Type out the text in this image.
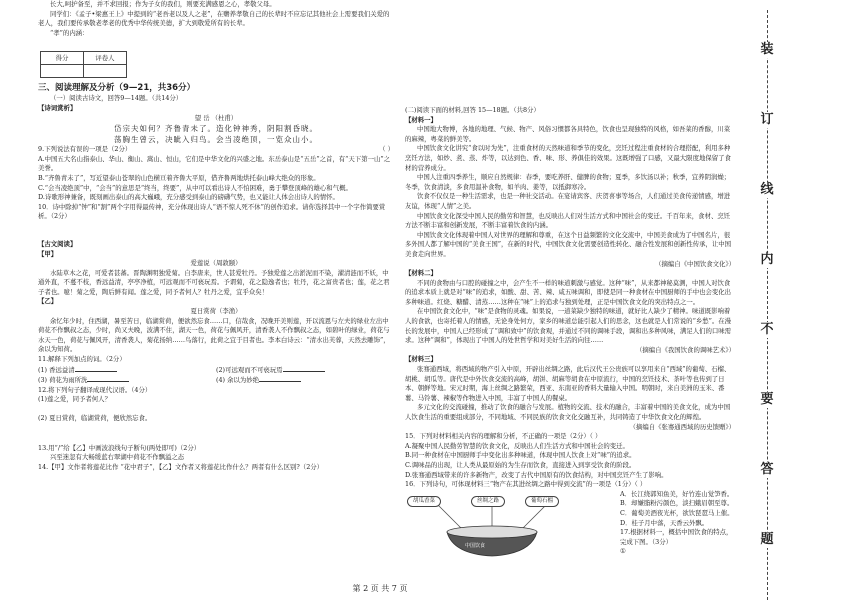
长大,呵护备至，并不求回报；作为子女的我们，则要充满感恩之心，孝敬父母。

同学们：《孟子•梁惠王上》中提到的“老吾老以及人之老”，在赡养孝敬自己的长辈时不应忘记其他社会上需要我们关爱的老人，我们要传承敬老孝老的优秀中华传统美德，扩大到敬爱所有的长辈。

“孝”的内涵：

得分	评卷人

三、阅读理解及分析（9—21，共36分）

（一）阅读古诗文，回答9—14题。（共14分）

【诗词赏析】

望 岳 （杜甫）

岱宗夫如何？齐鲁青未了。造化钟神秀，阴阳割昏晓。

荡胸生曾云，决眦入归鸟。会当凌绝顶，一览众山小。

9.下列说法有误的一项是（2分）	（ ）

A.中国五大名山指泰山、华山、衡山、嵩山、恒山，它们是中华文化的兴盛之地。东岳泰山是“五岳”之首，有“天下第一山”之美誉。

B.“齐鲁青未了”，写近望泰山苍翠的山色横亘着齐鲁大平原，借齐鲁两地烘托泰山峰大绝众的形象。

C.“会当凌绝顶”中，“会当”的意思是“终当，终要”，从中可以看出诗人不怕困难，勇于攀登顶峰的雄心和气概。

D.诗歌形神兼备，既刻画出泰山的高大巍峨，充分感受到泰山的磅礴气势，也又能让人体会出诗人的情怀。

10．诗中除掉“钟”和“割”两个字用得最传神，充分体现出诗人“语不惊人死不休”的创作追求。请你选择其中一个字作简要赏析。（2分）

【古文阅读】

【甲】

爱莲说（周敦颐）

水陆草木之花，可爱者甚蕃。晋陶渊明独爱菊。自李唐来，世人甚爱牡丹。予独爱莲之出淤泥而不染，濯清涟而不妖，中通外直，不蔓不枝，香远益清，亭亭净植，可远观而不可亵玩焉。予谓菊，花之隐逸者也；牡丹，花之富贵者也；莲，花之君子者也。噫！菊之爱，陶后鲜有闻。莲之爱，同予者何人？牡丹之爱，宜乎众矣！

【乙】

夏日赏荷（李渔）

余忆年少时，住西湖，暑至苦日，临湖赏荷，便欲然忘食……口，信哉食，况晚开美则莲，开以流恩与左夫的绿业左出中荷花不作飘叔之态，少时，尚又夫晚，波满不住，湖天一色，荷花与佩风开，清香袭人不作飘叔之态，如碧叶的绿业，荷花与水天一色，荷花与佩风开，清香袭人，菊花扬纳……鸟落行，此荷之宜于目者也。李本白诗云：“清水出芙蓉，天然去雕饰”，余以为知荷。

11.解释下列加点的词。（2分）

(1) 香远益清	(2)可远观而不可亵玩焉
(3) 荷花为雨所洗	(4) 余以为妙绝

12.将下列句子翻译成现代汉语。（4分）

(1)莲之爱，同予者何人？

(2) 夏日赏荷，临湖赏荷，便欣然忘食。

13.用“/”给【乙】中画波浪线句子断句(两处即可)（2分）

兴至迷忽有大畅缓蓝右翠湖中荷花不作飘溢之态

14.【甲】文作者将莲花比作 “花中君子”，【乙】文作者又将莲花比作什么？两者有什么区别?（2分）

(二)阅读下面的材料,回答 15—18题。（共8分）

【材料一】

中国地大物博，各地的地理、气候、物产、风俗习惯都各具特色，饮食也呈现独特的风格，如吾菜的香醇，川菜的麻辣，粤菜的鲜美等。

中国饮食文化讲究“食以时为先”，注重食材的天然味道和季节的变化，烹饪过程注重食材的合理搭配，利用多种烹饪方法，如炒、煮、蒸、炸等，以达到色、香、味、形、养俱佳的效果。这既增强了口感，又最大限度地保留了食材的营养成分。

中国人注重四季养生，顺应自然规律：春季，要吃养肝、健脾的食物；夏季，多饮汤以补；秋季，宜养阴润燥；冬季，饮食清淡，多食用温补食物，如羊肉、姜等，以抵御寒冷。

饮食不仅仅是一种生活需求，也是一种社交活动。在宴请宾客、庆贺喜事等场合，人们通过美食传递情感，增进友谊，体现“人情”之美。

中国饮食文化深受中国人民的勤劳和智慧，也反映出人们对生活方式和中国社会的变迁。千百年来，食材、烹饪方法不断丰富和创新发展，不断丰富着饮食的内涵。

中国饮食文化体现着中国人对世界的理解和尊重，在这个日益频繁的文化交流中，中国美食成为了中国名片，很多外国人都了解中国的“美食王国”，在新的时代，中国饮食文化需要创造性转化、融合性发展和创新性传承，让中国美食走向世界。

（摘编自《中国饮食文化》）

【材料二】

不同的食物由与口腔的碰撞之中，会产生不一样的味道刺激与感觉。这种“味”，从来都神秘莫测，中国人对饮食的追求本质上就是对“味”的追求，如酸、甜、苦、辣、咸五味调和，即使是同一种食材在中国厨师的手中也会变化出多种味道。红烧、糖醋、清蒸……这种在“味”上的追求与独到处理，正是中国饮食文化的突出特点之一。

在中国饮食文化中，“味”是食物的灵魂。如果说，一道菜缺少独特的味道，就好比人缺少了精神。味道既影响着人的食欲，也寄托着人的情感，无论身处何方，家乡的味道总能引起人们的思念，这也就是人们常说的“乡愁”。在漫长的发展中，中国人已经形成了“调和致中”的饮食观，并通过不同的调味手段，调和出多种风味，满足人们的口味需求。这种“调和”，体现出了中国人的处世哲学和对美好生活的向往……

（摘编自《我国饮食的调味艺术》）

【材料三】

张骞通西域，将西域的物产引入中原，开辟出丝绸之路，此后汉代王公贵族可以享用来自“西域”的葡萄、石榴、胡桃、胡瓜等。唐代是中外饮食交流的高峰，胡饼、胡麻等胡食在中原流行，中国的烹饪技术、茶叶等也传到了日本、朝鲜等地。宋元时期，海上丝绸之路繁荣，西亚、东南亚的香料大量输入中国。明朝时，来自美洲的玉米、番薯、马铃薯、辣椒等作物进入中国，丰富了中国人的餐桌。

多元文化的交流碰撞，推动了饮食的融合与发展。植物的交流、技术的融合，丰富着中国的美食文化，成为中国人饮食生活的重要组成部分，不同地域、不同民族的饮食文化交融互补，共同铸造了中华饮食文化的辉煌。

（摘编自《张骞通西域的历史馈赠》）

15．下列对材料相关内容的理解和分析，不正确的一项是（2分）（ ）

A.凝聚中国人民勤劳智慧的饮食文化，反映出人们生活方式和中国社会的变迁。

B.同一种食材在中国厨师手中变化出多种味道，体现中国人饮食上对“味”的追求。

C.调味品的出现，让人类从最原始的为生存而饮食，直接进入到享受饮食的阶段。

D.张骞通西域带来的许多新物产，改变了古代中国原有的饮食结构，对中国烹饪产生了影响。

16．下列诗句，可体现材料三“物产在其进丝绸之路中得到交流”的一项是（1分）（ ）

胡瓜香菜	丝绸之路	葡萄石榴
中国饮食

A．长江绕郭知鱼美，好竹连山觉笋香。

B．却嫌脂粉污颜色，淡扫蛾眉朝至尊。

C．葡萄美酒夜光杯，欲饮琵琶马上催。

D．桂子月中落，天香云外飘。

17.根据材料一，概括中国饮食的特点，完成下图。（3分）

①

装
订
线
内
不
要
答
题
第 2 页 共 7 页
